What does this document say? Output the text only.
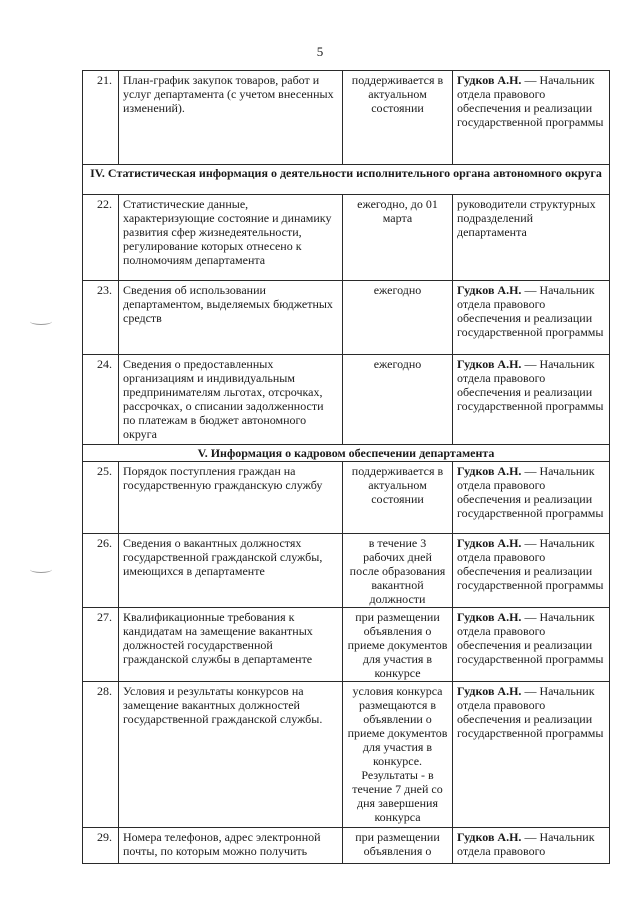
5
21.	План-график закупок товаров, работ и услуг департамента (с учетом внесенных изменений).	поддерживается в актуальном состоянии	Гудков А.Н. — Начальник отдела правового обеспечения и реализации государственной программы
IV. Статистическая информация о деятельности исполнительного органа автономного округа			
22.	Статистические данные, характеризующие состояние и динамику развития сфер жизнедеятельности, регулирование которых отнесено к полномочиям департамента	ежегодно, до 01 марта	руководители структурных подразделений департамента
23.	Сведения об использовании департаментом, выделяемых бюджетных средств	ежегодно	Гудков А.Н. — Начальник отдела правового обеспечения и реализации государственной программы
24.	Сведения о предоставленных организациям и индивидуальным предпринимателям льготах, отсрочках, рассрочках, о списании задолженности по платежам в бюджет автономного округа	ежегодно	Гудков А.Н. — Начальник отдела правового обеспечения и реализации государственной программы
V. Информация о кадровом обеспечении департамента			
25.	Порядок поступления граждан на государственную гражданскую службу	поддерживается в актуальном состоянии	Гудков А.Н. — Начальник отдела правового обеспечения и реализации государственной программы
26.	Сведения о вакантных должностях государственной гражданской службы, имеющихся в департаменте	в течение 3 рабочих дней после образования вакантной должности	Гудков А.Н. — Начальник отдела правового обеспечения и реализации государственной программы
27.	Квалификационные требования к кандидатам на замещение вакантных должностей государственной гражданской службы в департаменте	при размещении объявления о приеме документов для участия в конкурсе	Гудков А.Н. — Начальник отдела правового обеспечения и реализации государственной программы
28.	Условия и результаты конкурсов на замещение вакантных должностей государственной гражданской службы.	условия конкурса размещаются в объявлении о приеме документов для участия в конкурсе. Результаты - в течение 7 дней со дня завершения конкурса	Гудков А.Н. — Начальник отдела правового обеспечения и реализации государственной программы
29.	Номера телефонов, адрес электронной почты, по которым можно получить	при размещении объявления о	Гудков А.Н. — Начальник отдела правового
